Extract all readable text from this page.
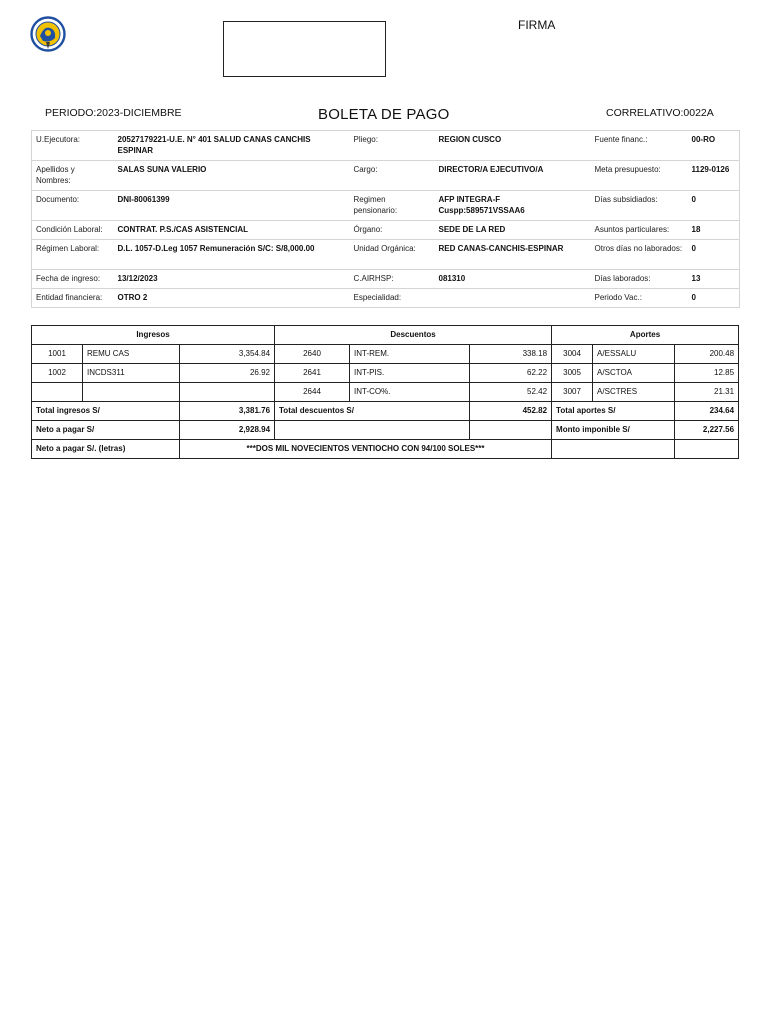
FIRMA
PERIODO:2023-DICIEMBRE	BOLETA DE PAGO	CORRELATIVO:0022A
U.Ejecutora:	20527179221-U.E. N° 401 SALUD CANAS CANCHIS ESPINAR	Pliego:	REGION CUSCO	Fuente financ.:	00-RO
Apellidos y Nombres:	SALAS SUNA VALERIO	Cargo:	DIRECTOR/A EJECUTIVO/A	Meta presupuesto:	1129-0126
Documento:	DNI-80061399	Regimen pensionario:	AFP INTEGRA-F Cuspp:589571VSSAA6	Días subsidiados:	0
Condición Laboral:	CONTRAT. P.S./CAS ASISTENCIAL	Órgano:	SEDE DE LA RED	Asuntos particulares:	18
Régimen Laboral:	D.L. 1057-D.Leg 1057 Remuneración S/C: S/8,000.00	Unidad Orgánica:	RED CANAS-CANCHIS-ESPINAR	Otros días no laborados:	0
Fecha de ingreso:	13/12/2023	C.AIRHSP:	081310	Días laborados:	13
Entidad financiera:	OTRO 2	Especialidad:		Periodo Vac.:	0
Ingresos			Descuentos			Aportes		
1001	REMU CAS	3,354.84	2640	INT-REM.	338.18	3004	A/ESSALU	200.48
1002	INCDS311	26.92	2641	INT-PIS.	62.22	3005	A/SCTOA	12.85
			2644	INT-CO%.	52.42	3007	A/SCTRES	21.31
Total ingresos S/		3,381.76	Total descuentos S/		452.82	Total aportes S/		234.64
Neto a pagar S/		2,928.94				Monto imponible S/		2,227.56
Neto a pagar S/. (letras)		***DOS MIL NOVECIENTOS VENTIOCHO CON 94/100 SOLES***						
